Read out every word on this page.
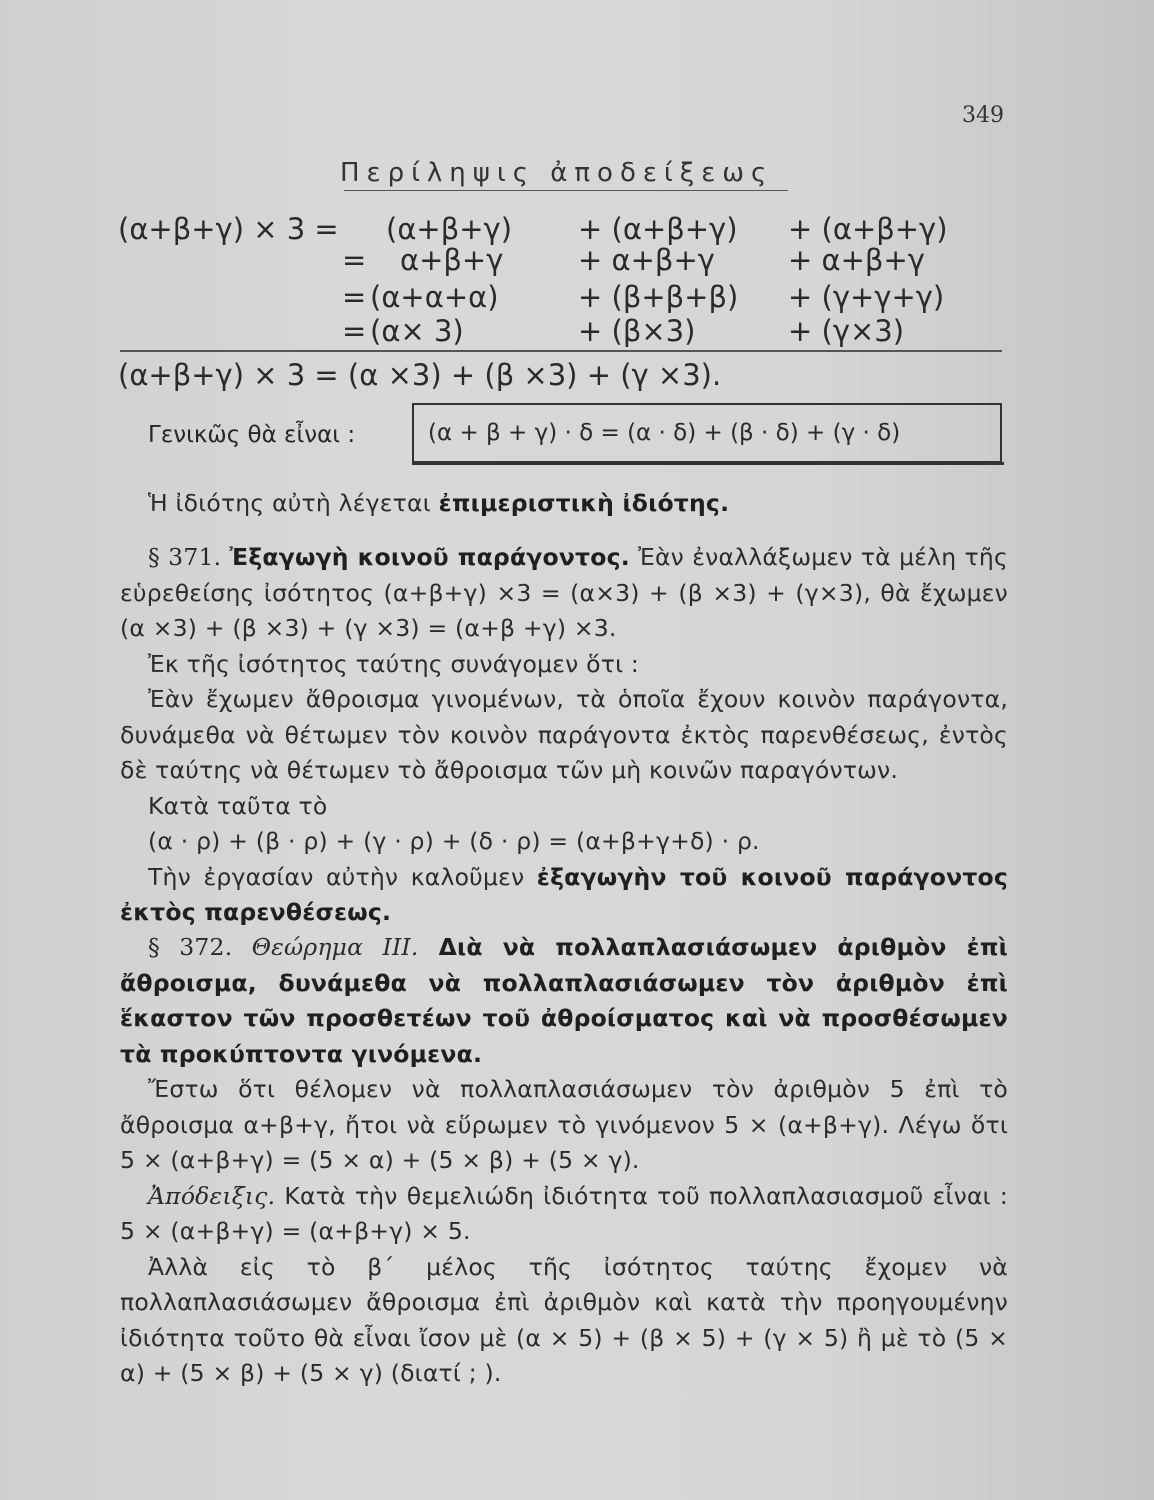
349
Περίληψις ἀποδείξεως
(α+β+γ) × 3 = (α+β+γ) + (α+β+γ) + (α+β+γ)
= α+β+γ	+ α+β+γ	+ α+β+γ
= (α+α+α)	+ (β+β+β) + (γ+γ+γ)
= (α× 3)	+ (β×3)	+ (γ×3)
(α+β+γ) × 3 = (α ×3) + (β ×3) + (γ ×3).
Γενικῶς θὰ εἶναι :	(α + β + γ) · δ = (α · δ) + (β · δ) + (γ · δ)

Ἡ ἰδιότης αὐτὴ λέγεται ἐπιμεριστικὴ ἰδιότης.

§ 371. Ἐξαγωγὴ κοινοῦ παράγοντος. Ἐὰν ἐναλλάξωμεν τὰ μέλη τῆς εὑρεθείσης ἰσότητος (α+β+γ) ×3 = (α×3) + (β ×3) + (γ×3), θὰ ἔχωμεν (α ×3) + (β ×3) + (γ ×3) = (α+β +γ) ×3.

Ἐκ τῆς ἰσότητος ταύτης συνάγομεν ὅτι :

Ἐὰν ἔχωμεν ἄθροισμα γινομένων, τὰ ὁποῖα ἔχουν κοινὸν παράγοντα, δυνάμεθα νὰ θέτωμεν τὸν κοινὸν παράγοντα ἐκτὸς παρενθέσεως, ἐντὸς δὲ ταύτης νὰ θέτωμεν τὸ ἄθροισμα τῶν μὴ κοινῶν παραγόντων.

Κατὰ ταῦτα τὸ

(α · ρ) + (β · ρ) + (γ · ρ) + (δ · ρ) = (α+β+γ+δ) · ρ.

Τὴν ἐργασίαν αὐτὴν καλοῦμεν ἐξαγωγὴν τοῦ κοινοῦ παράγοντος ἐκτὸς παρενθέσεως.

§ 372. Θεώρημα III. Διὰ νὰ πολλαπλασιάσωμεν ἀριθμὸν ἐπὶ ἄθροισμα, δυνάμεθα νὰ πολλαπλασιάσωμεν τὸν ἀριθμὸν ἐπὶ ἕκαστον τῶν προσθετέων τοῦ ἀθροίσματος καὶ νὰ προσθέσωμεν τὰ προκύπτοντα γινόμενα.

Ἔστω ὅτι θέλομεν νὰ πολλαπλασιάσωμεν τὸν ἀριθμὸν 5 ἐπὶ τὸ ἄθροισμα α+β+γ, ἤτοι νὰ εὕρωμεν τὸ γινόμενον 5 × (α+β+γ). Λέγω ὅτι 5 × (α+β+γ) = (5 × α) + (5 × β) + (5 × γ).

Ἀπόδειξις. Κατὰ τὴν θεμελιώδη ἰδιότητα τοῦ πολλαπλασιασμοῦ εἶναι : 5 × (α+β+γ) = (α+β+γ) × 5.

Ἀλλὰ εἰς τὸ β΄ μέλος τῆς ἰσότητος ταύτης ἔχομεν νὰ πολλαπλασιάσωμεν ἄθροισμα ἐπὶ ἀριθμὸν καὶ κατὰ τὴν προηγουμένην ἰδιότητα τοῦτο θὰ εἶναι ἴσον μὲ (α × 5) + (β × 5) + (γ × 5) ἢ μὲ τὸ (5 × α) + (5 × β) + (5 × γ) (διατί ; ).
